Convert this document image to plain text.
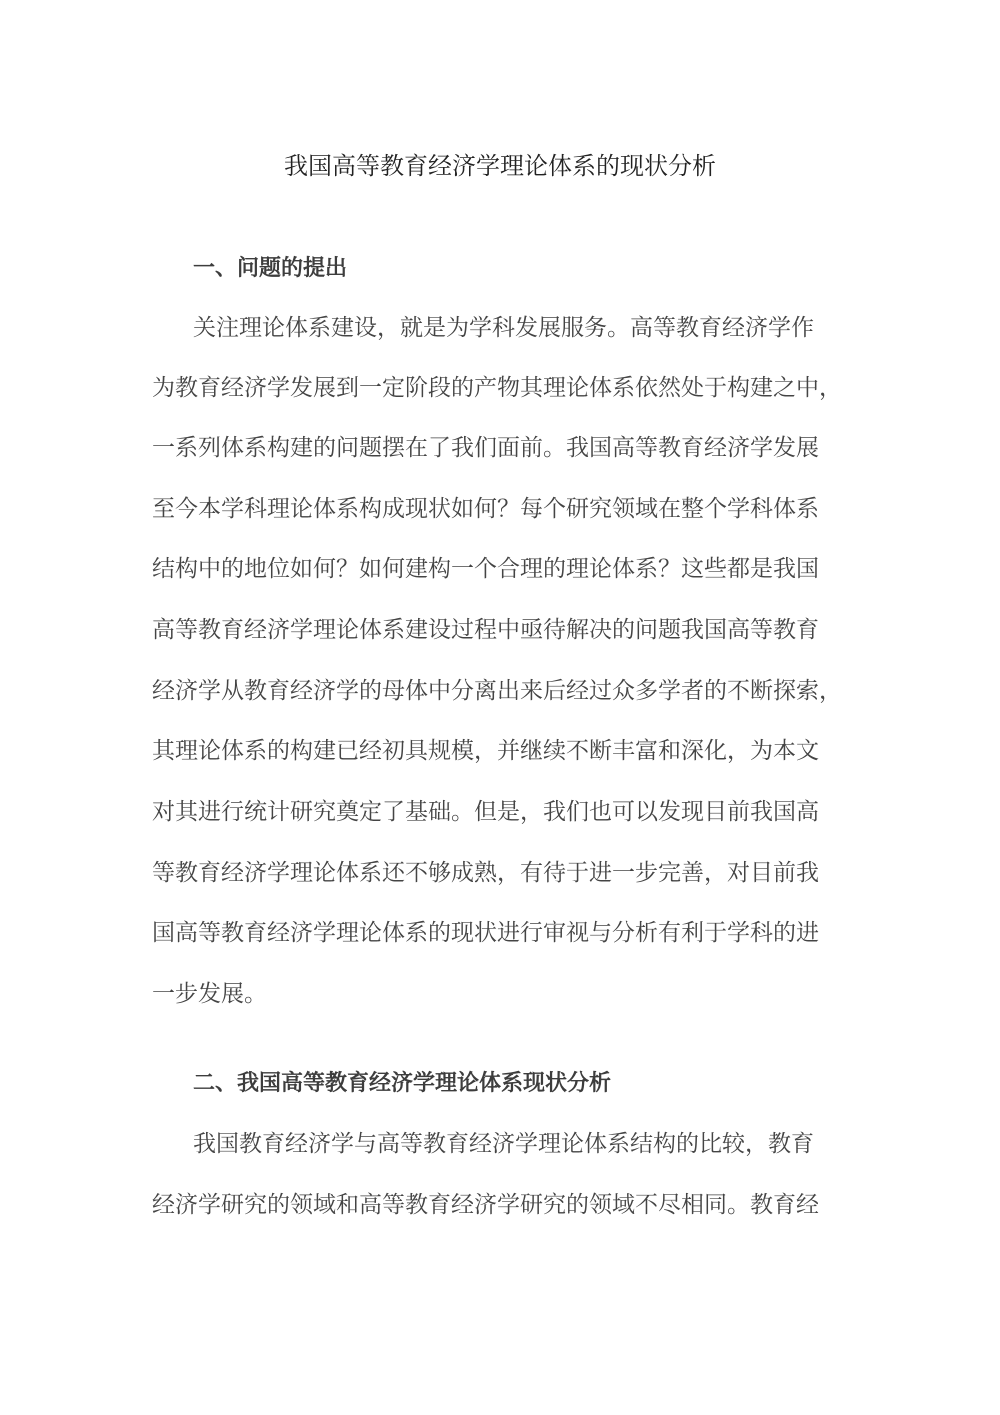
我国高等教育经济学理论体系的现状分析
一、问题的提出

关注理论体系建设，就是为学科发展服务。高等教育经济学作

为教育经济学发展到一定阶段的产物其理论体系依然处于构建之中，

一系列体系构建的问题摆在了我们面前。我国高等教育经济学发展

至今本学科理论体系构成现状如何？每个研究领域在整个学科体系

结构中的地位如何？如何建构一个合理的理论体系？这些都是我国

高等教育经济学理论体系建设过程中亟待解决的问题我国高等教育

经济学从教育经济学的母体中分离出来后经过众多学者的不断探索，

其理论体系的构建已经初具规模，并继续不断丰富和深化，为本文

对其进行统计研究奠定了基础。但是，我们也可以发现目前我国高

等教育经济学理论体系还不够成熟，有待于进一步完善，对目前我

国高等教育经济学理论体系的现状进行审视与分析有利于学科的进

一步发展。

二、我国高等教育经济学理论体系现状分析

我国教育经济学与高等教育经济学理论体系结构的比较，教育

经济学研究的领域和高等教育经济学研究的领域不尽相同。教育经
